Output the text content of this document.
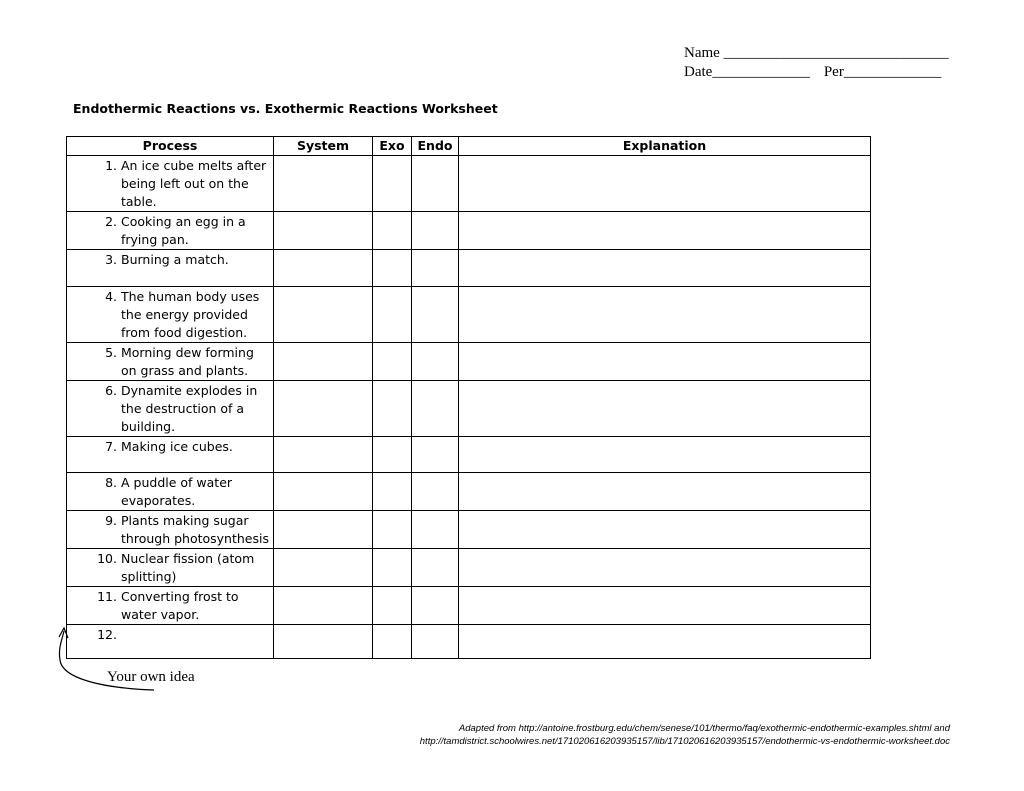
Name ______________________________
Date_____________ Per_____________
Endothermic Reactions vs. Exothermic Reactions Worksheet
Process	System	Exo	Endo	Explanation

1. An ice cube melts after being left out on the table.				

2. Cooking an egg in a frying pan.				

3. Burning a match.				

4. The human body uses the energy provided from food digestion.				

5. Morning dew forming on grass and plants.				

6. Dynamite explodes in the destruction of a building.				

7. Making ice cubes.				

8. A puddle of water evaporates.				

9. Plants making sugar through photosynthesis				

10. Nuclear fission (atom splitting)				

11. Converting frost to water vapor.				

12.				

Your own idea
Adapted from http://antoine.frostburg.edu/chem/senese/101/thermo/faq/exothermic-endothermic-examples.shtml and
http://tamdistrict.schoolwires.net/171020616203935157/lib/171020616203935157/endothermic-vs-endothermic-worksheet.doc
